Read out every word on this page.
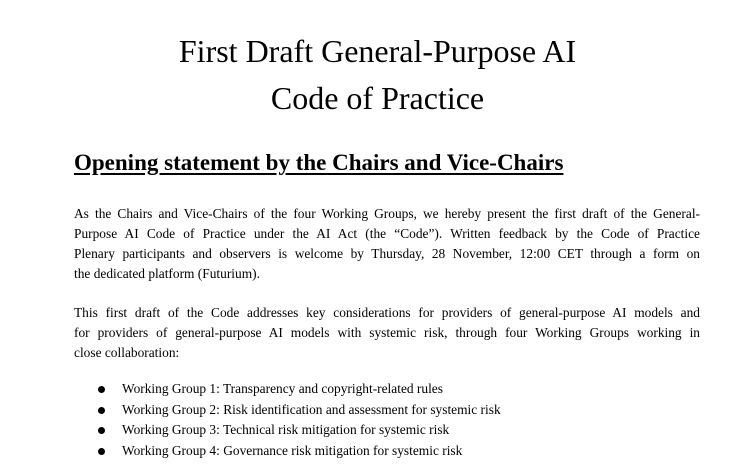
First Draft General-Purpose AI
Code of Practice
Opening statement by the Chairs and Vice-Chairs

As the Chairs and Vice-Chairs of the four Working Groups, we hereby present the first draft of the General-
Purpose AI Code of Practice under the AI Act (the “Code”). Written feedback by the Code of Practice
Plenary participants and observers is welcome by Thursday, 28 November, 12:00 CET through a form on
the dedicated platform (Futurium).

This first draft of the Code addresses key considerations for providers of general-purpose AI models and
for providers of general-purpose AI models with systemic risk, through four Working Groups working in
close collaboration:

Working Group 1: Transparency and copyright-related rules
Working Group 2: Risk identification and assessment for systemic risk
Working Group 3: Technical risk mitigation for systemic risk
Working Group 4: Governance risk mitigation for systemic risk
